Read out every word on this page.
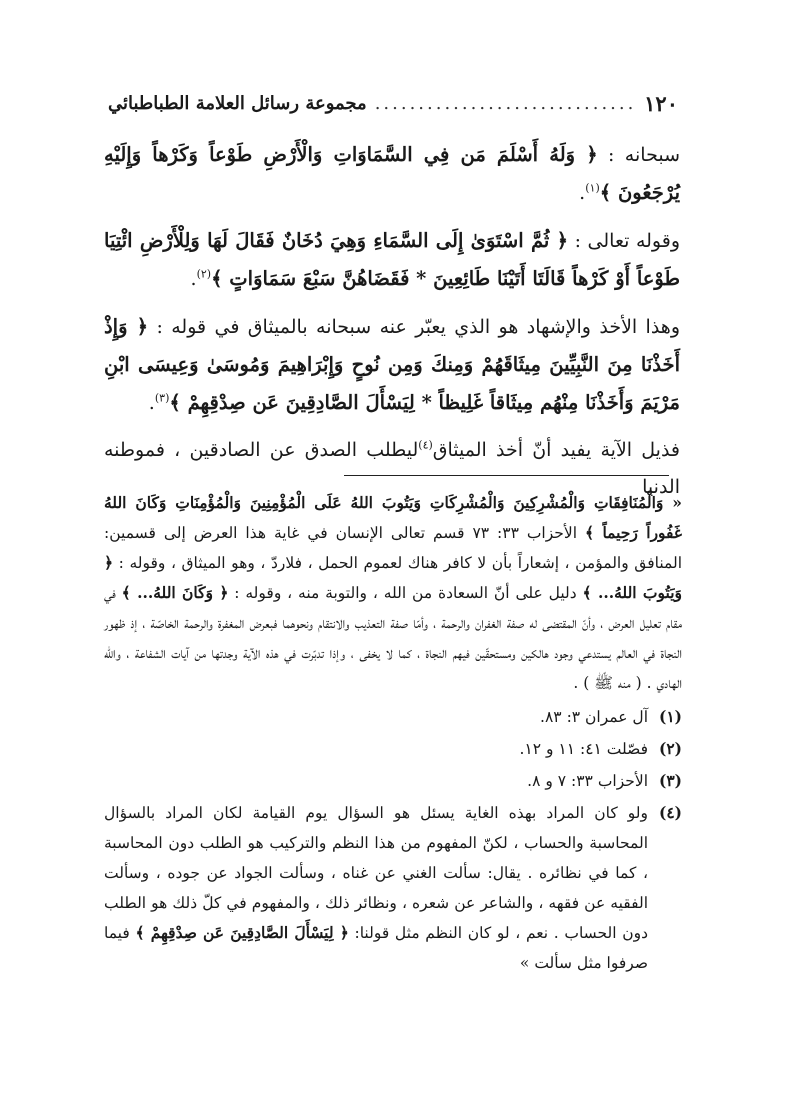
١٢٠
.....
مجموعة رسائل العلامة الطباطبائي

سبحانه : ﴿ وَلَهُ أَسْلَمَ مَن فِي السَّمَاوَاتِ وَالْأَرْضِ طَوْعاً وَكَرْهاً وَإِلَيْهِ يُرْجَعُونَ ﴾$^{(١)}$.

وقوله تعالى : ﴿ ثُمَّ اسْتَوَىٰ إِلَى السَّمَاءِ وَهِيَ دُخَانٌ فَقَالَ لَهَا وَلِلْأَرْضِ ائْتِيَا طَوْعاً أَوْ كَرْهاً قَالَتَا أَتَيْنَا طَائِعِينَ * فَقَضَاهُنَّ سَبْعَ سَمَاوَاتٍ ﴾$^{(٢)}$.

وهذا الأخذ والإشهاد هو الذي يعبّر عنه سبحانه بالميثاق في قوله : ﴿ وَإِذْ أَخَذْنَا مِنَ النَّبِيِّينَ مِيثَاقَهُمْ وَمِنكَ وَمِن نُوحٍ وَإِبْرَاهِيمَ وَمُوسَىٰ وَعِيسَى ابْنِ مَرْيَمَ وَأَخَذْنَا مِنْهُم مِيثَاقاً غَلِيظاً * لِيَسْأَلَ الصَّادِقِينَ عَن صِدْقِهِمْ ﴾$^{(٣)}$.

فذيل الآية يفيد أنّ أخذ الميثاق$^{(٤)}$ليطلب الصدق عن الصادقين ، فموطنه الدنيا

« وَالْمُنَافِقَاتِ وَالْمُشْرِكِينَ وَالْمُشْرِكَاتِ وَيَتُوبَ اللهُ عَلَى الْمُؤْمِنِينَ وَالْمُؤْمِنَاتِ وَكَانَ اللهُ غَفُوراً رَحِيماً ﴾ الأحزاب ٣٣: ٧٣ قسم تعالى الإنسان في غاية هذا العرض إلى قسمين: المنافق والمؤمن ، إشعاراً بأن لا كافر هناك لعموم الحمل ، فلاردّ ، وهو الميثاق ، وقوله : ﴿ وَيَتُوبَ اللهُ... ﴾ دليل على أنّ السعادة من الله ، والتوبة منه ، وقوله : ﴿ وَكَانَ اللهُ... ﴾ في مقام تعليل العرض ، وأنّ المقتضى له صفة الغفران والرحمة ، وأمّا صفة التعذيب والانتقام ونحوهما فبعرض المغفرة والرحمة الخاصّة ، إذ ظهور النجاة في العالم يستدعي وجود هالكين ومستحقّين فيهم النجاة ، كما لا يخفى ، وإذا تدبّرت في هذه الآية وجدتها من آيات الشفاعة ، والله الهادي . ( منه ﷺ ) .
(١)
آل عمران ٣: ٨٣.
(٢)
فصّلت ٤١: ١١ و ١٢.
(٣)
الأحزاب ٣٣: ٧ و ٨.
(٤)
ولو كان المراد بهذه الغاية يسئل هو السؤال يوم القيامة لكان المراد بالسؤال المحاسبة والحساب ، لكنّ المفهوم من هذا النظم والتركيب هو الطلب دون المحاسبة ، كما في نظائره . يقال: سألت الغني عن غناه ، وسألت الجواد عن جوده ، وسألت الفقيه عن فقهه ، والشاعر عن شعره ، ونظائر ذلك ، والمفهوم في كلّ ذلك هو الطلب دون الحساب . نعم ، لو كان النظم مثل قولنا: ﴿ لِيَسْأَلَ الصَّادِقِينَ عَن صِدْقِهِمْ ﴾ فيما صرفوا مثل سألت »
